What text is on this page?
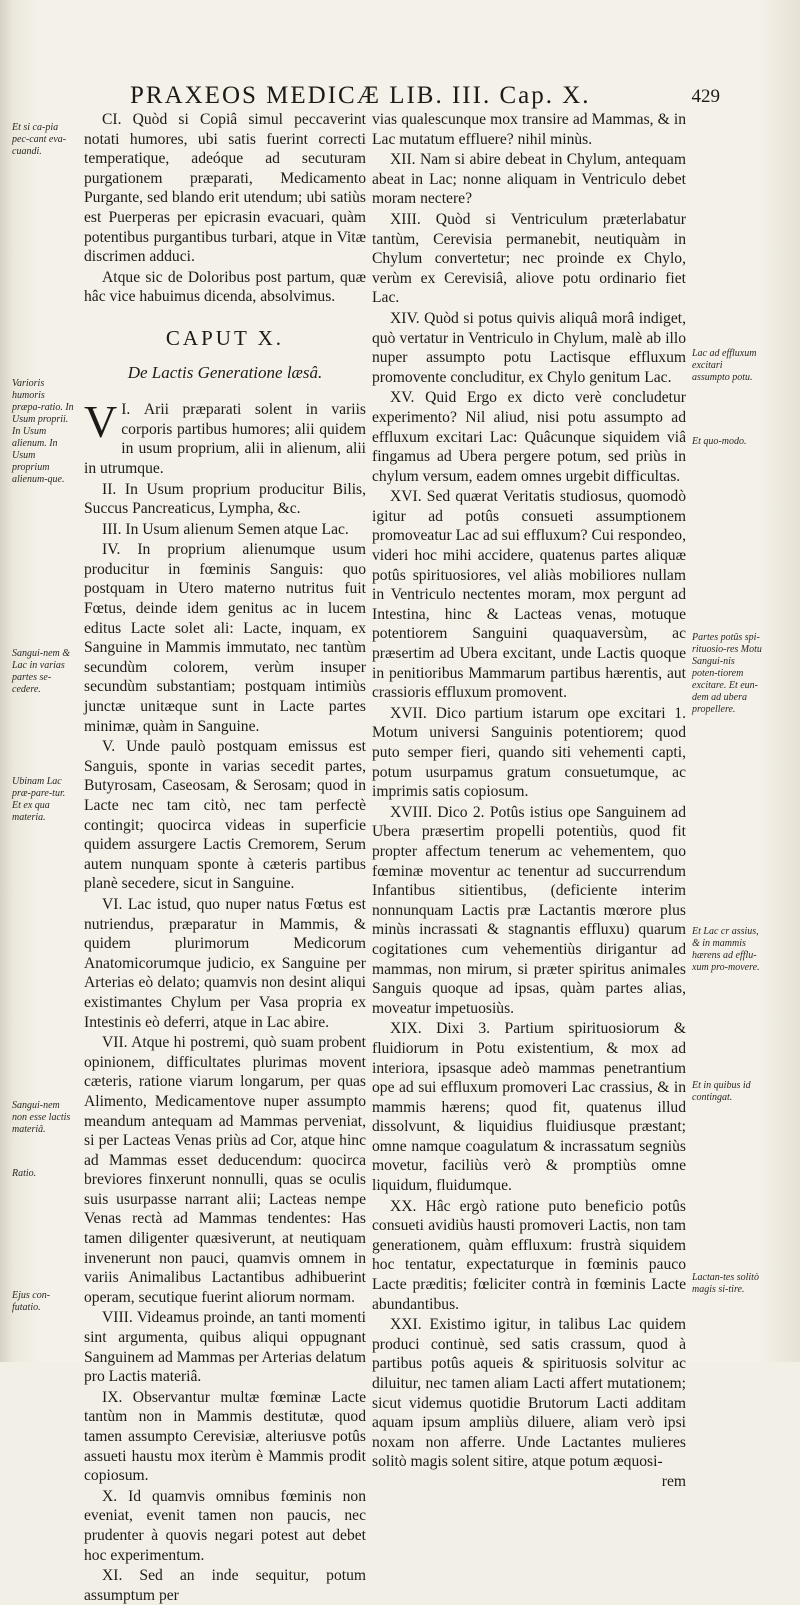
PRAXEOS MEDICÆ LIB. III. Cap. X.	429
Et si ca-pia pec-cant eva-cuandi.
Varioris humoris præpa-ratio. In Usum proprii. In Usum alienum. In Usum proprium alienum-que.
Sangui-nem & Lac in varias partes se-cedere.
Ubinam Lac præ-pare-tur. Et ex qua materia.
Sangui-nem non esse lactis materiâ.
Ratio.
Ejus con-futatio.
Lac ad effluxum excitari assumpto potu.
Et quo-modo.
Partes potûs spi-rituosio-res Motu Sangui-nis poten-tiorem excitare. Et eun-dem ad ubera propellere.
Et Lac cr assius, & in mammis hærens ad efflu-xum pro-movere.
Et in quibus id contingat.
Lactan-tes solitò magis si-tire.

CI. Quòd si Copiâ simul peccaverint notati humores, ubi satis fuerint correcti temperatique, adeóque ad secuturam purgationem præparati, Medicamento Purgante, sed blando erit utendum; ubi satiùs est Puerperas per epicrasin evacuari, quàm potentibus purgantibus turbari, atque in Vitæ discrimen adduci.

Atque sic de Doloribus post partum, quæ hâc vice habuimus dicenda, absolvimus.

CAPUT X.
De Lactis Generatione læsâ.

I.
V Arii præparati solent in variis corporis partibus humores; alii quidem in usum proprium, alii in alienum, alii in utrumque.

II. In Usum proprium producitur Bilis, Succus Pancreaticus, Lympha, &c.

III. In Usum alienum Semen atque Lac.

IV. In proprium alienumque usum producitur in fœminis Sanguis: quo postquam in Utero materno nutritus fuit Fœtus, deinde idem genitus ac in lucem editus Lacte solet ali: Lacte, inquam, ex Sanguine in Mammis immutato, nec tantùm secundùm colorem, verùm insuper secundùm substantiam; postquam intimiùs junctæ unitæque sunt in Lacte partes minimæ, quàm in Sanguine.

V. Unde paulò postquam emissus est Sanguis, sponte in varias secedit partes, Butyrosam, Caseosam, & Serosam; quod in Lacte nec tam citò, nec tam perfectè contingit; quocirca videas in superficie quidem assurgere Lactis Cremorem, Serum autem nunquam sponte à cæteris partibus planè secedere, sicut in Sanguine.

VI. Lac istud, quo nuper natus Fœtus est nutriendus, præparatur in Mammis, & quidem plurimorum Medicorum Anatomicorumque judicio, ex Sanguine per Arterias eò delato; quamvis non desint aliqui existimantes Chylum per Vasa propria ex Intestinis eò deferri, atque in Lac abire.

VII. Atque hi postremi, quò suam probent opinionem, difficultates plurimas movent cæteris, ratione viarum longarum, per quas Alimento, Medicamentove nuper assumpto meandum antequam ad Mammas perveniat, si per Lacteas Venas priùs ad Cor, atque hinc ad Mammas esset deducendum: quocirca breviores finxerunt nonnulli, quas se oculis suis usurpasse narrant alii; Lacteas nempe Venas rectà ad Mammas tendentes: Has tamen diligenter quæsiverunt, at neutiquam invenerunt non pauci, quamvis omnem in variis Animalibus Lactantibus adhibuerint operam, secutique fuerint aliorum normam.

VIII. Videamus proinde, an tanti momenti sint argumenta, quibus aliqui oppugnant Sanguinem ad Mammas per Arterias delatum pro Lactis materiâ.

IX. Observantur multæ fœminæ Lacte tantùm non in Mammis destitutæ, quod tamen assumpto Cerevisiæ, alteriusve potûs assueti haustu mox iterùm è Mammis prodit copiosum.

X. Id quamvis omnibus fœminis non eveniat, evenit tamen non paucis, nec prudenter à quovis negari potest aut debet hoc experimentum.

XI. Sed an inde sequitur, potum assumptum per

vias qualescunque mox transire ad Mammas, & in Lac mutatum effluere? nihil minùs.

XII. Nam si abire debeat in Chylum, antequam abeat in Lac; nonne aliquam in Ventriculo debet moram nectere?

XIII. Quòd si Ventriculum præterlabatur tantùm, Cerevisia permanebit, neutiquàm in Chylum convertetur; nec proinde ex Chylo, verùm ex Cerevisiâ, aliove potu ordinario fiet Lac.

XIV. Quòd si potus quivis aliquâ morâ indiget, quò vertatur in Ventriculo in Chylum, malè ab illo nuper assumpto potu Lactisque effluxum promovente concluditur, ex Chylo genitum Lac.

XV. Quid Ergo ex dicto verè concludetur experimento? Nil aliud, nisi potu assumpto ad effluxum excitari Lac: Quâcunque siquidem viâ fingamus ad Ubera pergere potum, sed priùs in chylum versum, eadem omnes urgebit difficultas.

XVI. Sed quærat Veritatis studiosus, quomodò igitur ad potûs consueti assumptionem promoveatur Lac ad sui effluxum? Cui respondeo, videri hoc mihi accidere, quatenus partes aliquæ potûs spirituosiores, vel aliàs mobiliores nullam in Ventriculo nectentes moram, mox pergunt ad Intestina, hinc & Lacteas venas, motuque potentiorem Sanguini quaquaversùm, ac præsertim ad Ubera excitant, unde Lactis quoque in penitioribus Mammarum partibus hærentis, aut crassioris effluxum promovent.

XVII. Dico partium istarum ope excitari 1. Motum universi Sanguinis potentiorem; quod puto semper fieri, quando siti vehementi capti, potum usurpamus gratum consuetumque, ac imprimis satis copiosum.

XVIII. Dico 2. Potûs istius ope Sanguinem ad Ubera præsertim propelli potentiùs, quod fit propter affectum tenerum ac vehementem, quo fœminæ moventur ac tenentur ad succurrendum Infantibus sitientibus, (deficiente interim nonnunquam Lactis præ Lactantis mœrore plus minùs incrassati & stagnantis effluxu) quarum cogitationes cum vehementiùs dirigantur ad mammas, non mirum, si præter spiritus animales Sanguis quoque ad ipsas, quàm partes alias, moveatur impetuosiùs.

XIX. Dixi 3. Partium spirituosiorum & fluidiorum in Potu existentium, & mox ad interiora, ipsasque adeò mammas penetrantium ope ad sui effluxum promoveri Lac crassius, & in mammis hærens; quod fit, quatenus illud dissolvunt, & liquidius fluidiusque præstant; omne namque coagulatum & incrassatum segniùs movetur, faciliùs verò & promptiùs omne liquidum, fluidumque.

XX. Hâc ergò ratione puto beneficio potûs consueti avidiùs hausti promoveri Lactis, non tam generationem, quàm effluxum: frustrà siquidem hoc tentatur, expectaturque in fœminis pauco Lacte præditis; fœliciter contrà in fœminis Lacte abundantibus.

XXI. Existimo igitur, in talibus Lac quidem produci continuè, sed satis crassum, quod à partibus potûs aqueis & spirituosis solvitur ac diluitur, nec tamen aliam Lacti affert mutationem; sicut videmus quotidie Brutorum Lacti additam aquam ipsum ampliùs diluere, aliam verò ipsi noxam non afferre. Unde Lactantes mulieres solitò magis solent sitire, atque potum æquosi-

rem
